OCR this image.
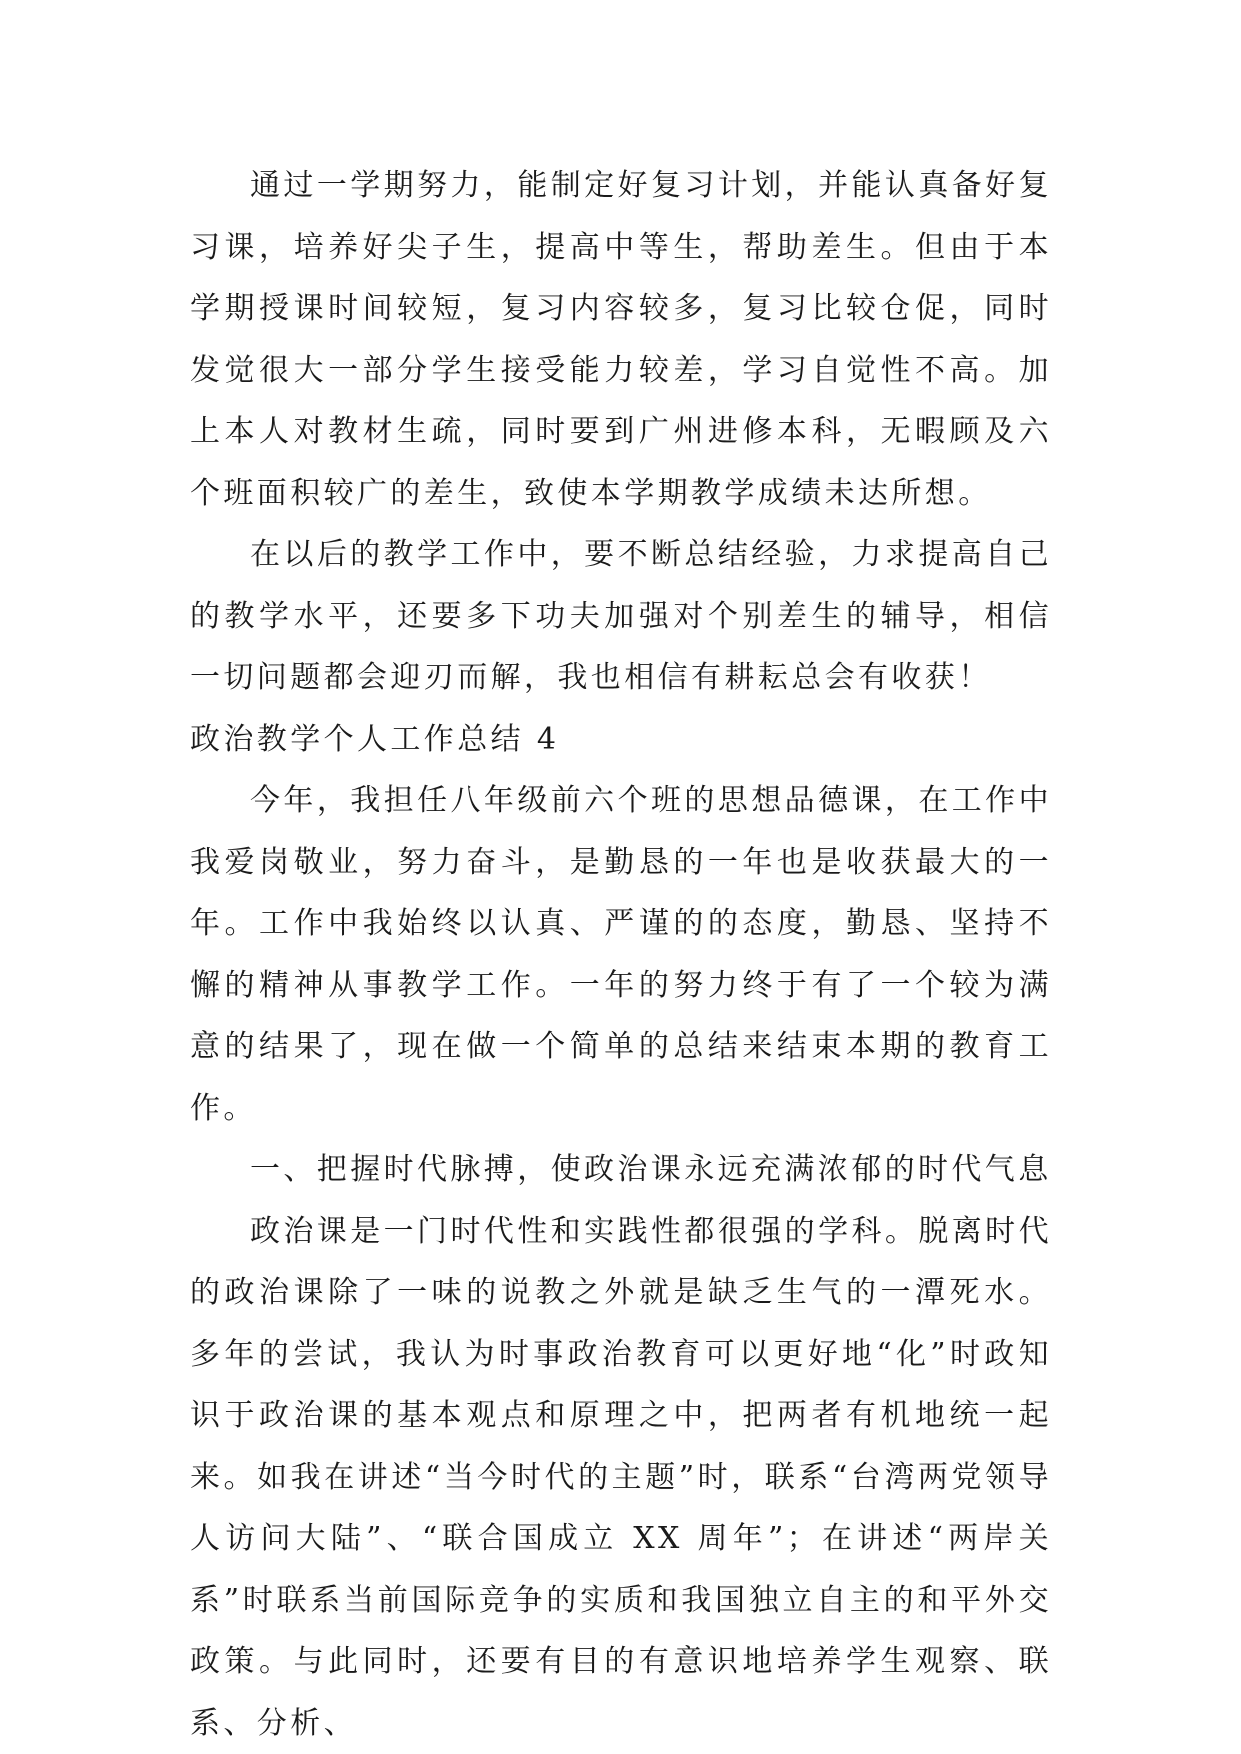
通过一学期努力，能制定好复习计划，并能认真备好复习课，培养好尖子生，提高中等生，帮助差生。但由于本学期授课时间较短，复习内容较多，复习比较仓促，同时发觉很大一部分学生接受能力较差，学习自觉性不高。加上本人对教材生疏，同时要到广州进修本科，无暇顾及六个班面积较广的差生，致使本学期教学成绩未达所想。

在以后的教学工作中，要不断总结经验，力求提高自己的教学水平，还要多下功夫加强对个别差生的辅导，相信一切问题都会迎刃而解，我也相信有耕耘总会有收获！

政治教学个人工作总结 4

今年，我担任八年级前六个班的思想品德课，在工作中我爱岗敬业，努力奋斗，是勤恳的一年也是收获最大的一年。工作中我始终以认真、严谨的的态度，勤恳、坚持不懈的精神从事教学工作。一年的努力终于有了一个较为满意的结果了，现在做一个简单的总结来结束本期的教育工作。

一、把握时代脉搏，使政治课永远充满浓郁的时代气息

政治课是一门时代性和实践性都很强的学科。脱离时代的政治课除了一味的说教之外就是缺乏生气的一潭死水。多年的尝试，我认为时事政治教育可以更好地“化”时政知识于政治课的基本观点和原理之中，把两者有机地统一起来。如我在讲述“当今时代的主题”时，联系“台湾两党领导人访问大陆”、“联合国成立 XX 周年”；在讲述“两岸关系”时联系当前国际竞争的实质和我国独立自主的和平外交政策。与此同时，还要有目的有意识地培养学生观察、联系、分析、
